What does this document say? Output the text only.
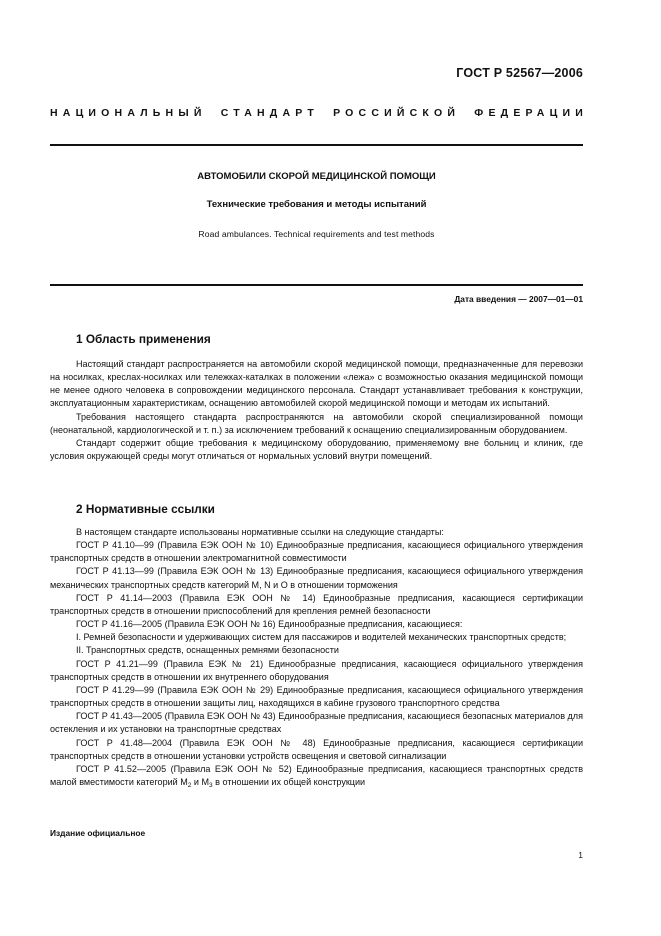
ГОСТ Р 52567—2006
НАЦИОНАЛЬНЫЙ СТАНДАРТ РОССИЙСКОЙ ФЕДЕРАЦИИ
АВТОМОБИЛИ СКОРОЙ МЕДИЦИНСКОЙ ПОМОЩИ
Технические требования и методы испытаний
Road ambulances. Technical requirements and test methods
Дата введения — 2007—01—01
1 Область применения

Настоящий стандарт распространяется на автомобили скорой медицинской помощи, предназначенные для перевозки на носилках, креслах-носилках или тележках-каталках в положении «лежа» с возможностью оказания медицинской помощи не менее одного человека в сопровождении медицинского персонала. Стандарт устанавливает требования к конструкции, эксплуатационным характеристикам, оснащению автомобилей скорой медицинской помощи и методам их испытаний.

Требования настоящего стандарта распространяются на автомобили скорой специализированной помощи (неонатальной, кардиологической и т. п.) за исключением требований к оснащению специализированным оборудованием.

Стандарт содержит общие требования к медицинскому оборудованию, применяемому вне больниц и клиник, где условия окружающей среды могут отличаться от нормальных условий внутри помещений.

2 Нормативные ссылки

В настоящем стандарте использованы нормативные ссылки на следующие стандарты:

ГОСТ Р 41.10—99 (Правила ЕЭК ООН № 10) Единообразные предписания, касающиеся официального утверждения транспортных средств в отношении электромагнитной совместимости

ГОСТ Р 41.13—99 (Правила ЕЭК ООН № 13) Единообразные предписания, касающиеся официального утверждения механических транспортных средств категорий M, N и O в отношении торможения

ГОСТ Р 41.14—2003 (Правила ЕЭК ООН № 14) Единообразные предписания, касающиеся сертификации транспортных средств в отношении приспособлений для крепления ремней безопасности

ГОСТ Р 41.16—2005 (Правила ЕЭК ООН № 16) Единообразные предписания, касающиеся:

I. Ремней безопасности и удерживающих систем для пассажиров и водителей механических транспортных средств;

II. Транспортных средств, оснащенных ремнями безопасности

ГОСТ Р 41.21—99 (Правила ЕЭК № 21) Единообразные предписания, касающиеся официального утверждения транспортных средств в отношении их внутреннего оборудования

ГОСТ Р 41.29—99 (Правила ЕЭК ООН № 29) Единообразные предписания, касающиеся официального утверждения транспортных средств в отношении защиты лиц, находящихся в кабине грузового транспортного средства

ГОСТ Р 41.43—2005 (Правила ЕЭК ООН № 43) Единообразные предписания, касающиеся безопасных материалов для остекления и их установки на транспортные средствах

ГОСТ Р 41.48—2004 (Правила ЕЭК ООН № 48) Единообразные предписания, касающиеся сертификации транспортных средств в отношении установки устройств освещения и световой сигнализации

ГОСТ Р 41.52—2005 (Правила ЕЭК ООН № 52) Единообразные предписания, касающиеся транспортных средств малой вместимости категорий $M_2$ и $M_3$ в отношении их общей конструкции

Издание официальное
1
